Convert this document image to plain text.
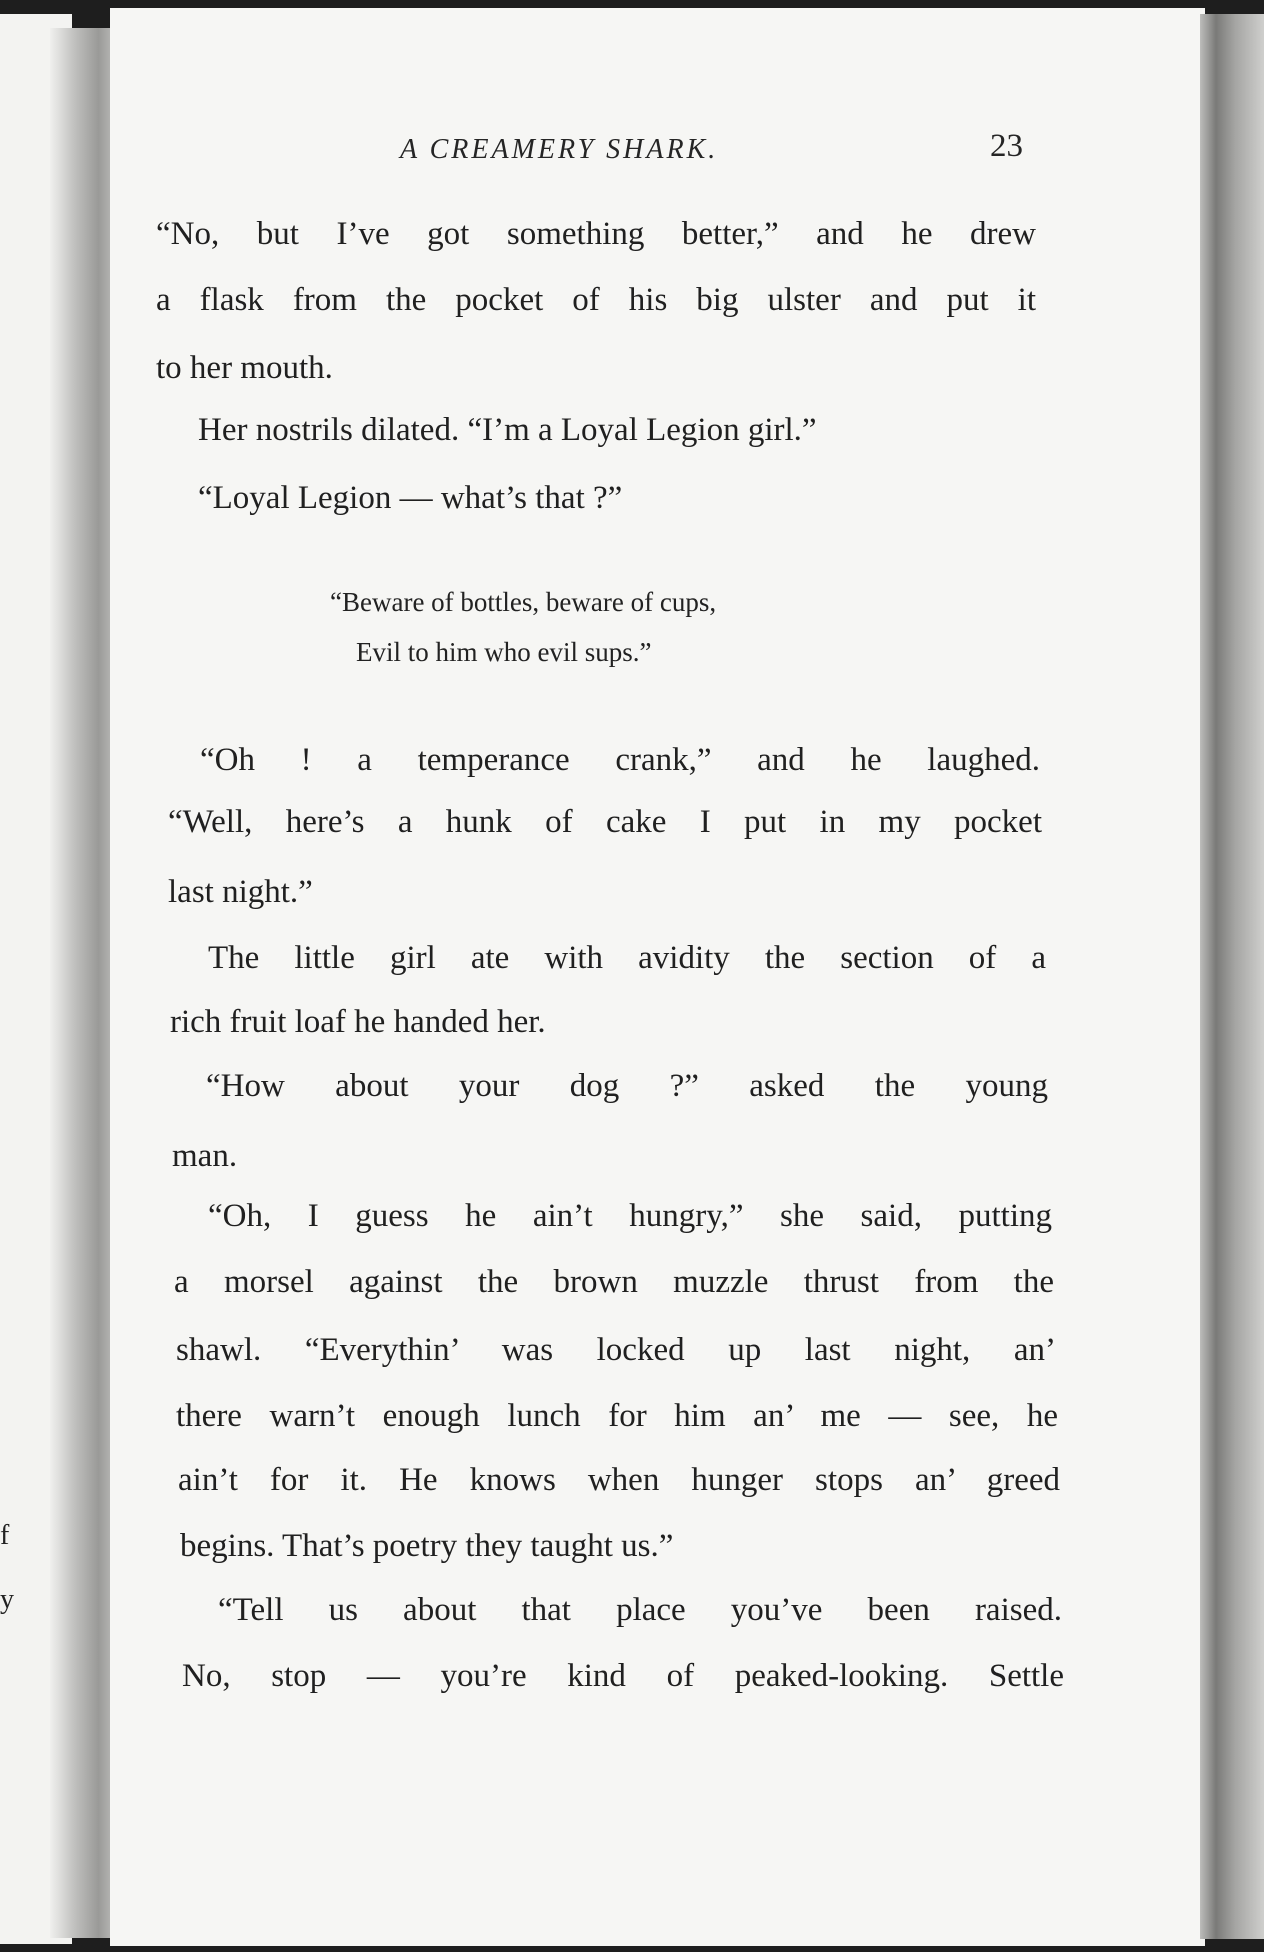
f
y
A CREAMERY SHARK.	23
“No, but I’ve got something better,” and he drew
a flask from the pocket of his big ulster and put it
to her mouth.
Her nostrils dilated. “I’m a Loyal Legion girl.”
“Loyal Legion — what’s that ?”
“Beware of bottles, beware of cups,
Evil to him who evil sups.”
“Oh ! a temperance crank,” and he laughed.
“Well, here’s a hunk of cake I put in my pocket
last night.”
The little girl ate with avidity the section of a
rich fruit loaf he handed her.
“How about your dog ?” asked the young
man.
“Oh, I guess he ain’t hungry,” she said, putting
a morsel against the brown muzzle thrust from the
shawl. “Everythin’ was locked up last night, an’
there warn’t enough lunch for him an’ me — see, he
ain’t for it. He knows when hunger stops an’ greed
begins. That’s poetry they taught us.”
“Tell us about that place you’ve been raised.
No, stop — you’re kind of peaked-looking. Settle
